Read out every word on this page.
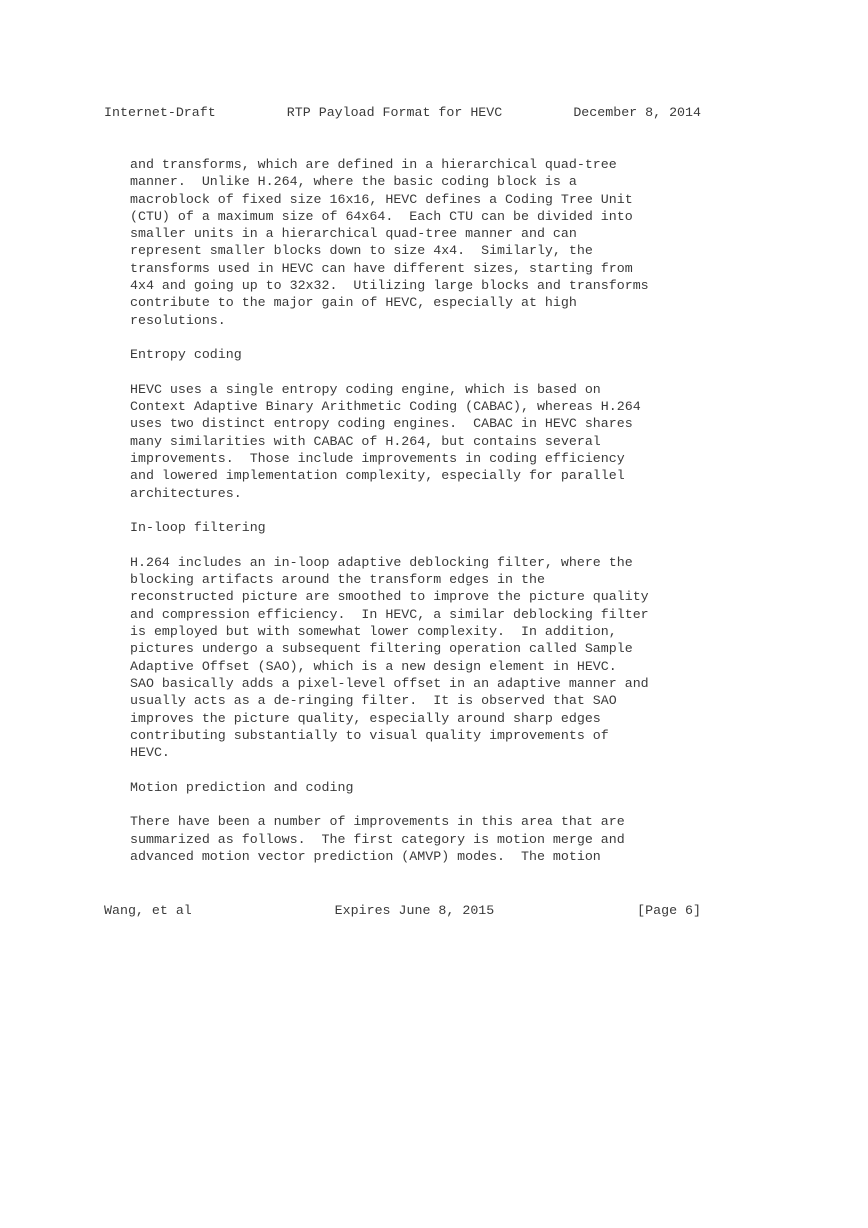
Internet-Draft	RTP Payload Format for HEVC	December 8, 2014
and transforms, which are defined in a hierarchical quad-tree
manner.  Unlike H.264, where the basic coding block is a
macroblock of fixed size 16x16, HEVC defines a Coding Tree Unit
(CTU) of a maximum size of 64x64.  Each CTU can be divided into
smaller units in a hierarchical quad-tree manner and can
represent smaller blocks down to size 4x4.  Similarly, the
transforms used in HEVC can have different sizes, starting from
4x4 and going up to 32x32.  Utilizing large blocks and transforms
contribute to the major gain of HEVC, especially at high
resolutions.
Entropy coding
HEVC uses a single entropy coding engine, which is based on
Context Adaptive Binary Arithmetic Coding (CABAC), whereas H.264
uses two distinct entropy coding engines.  CABAC in HEVC shares
many similarities with CABAC of H.264, but contains several
improvements.  Those include improvements in coding efficiency
and lowered implementation complexity, especially for parallel
architectures.
In-loop filtering
H.264 includes an in-loop adaptive deblocking filter, where the
blocking artifacts around the transform edges in the
reconstructed picture are smoothed to improve the picture quality
and compression efficiency.  In HEVC, a similar deblocking filter
is employed but with somewhat lower complexity.  In addition,
pictures undergo a subsequent filtering operation called Sample
Adaptive Offset (SAO), which is a new design element in HEVC.
SAO basically adds a pixel-level offset in an adaptive manner and
usually acts as a de-ringing filter.  It is observed that SAO
improves the picture quality, especially around sharp edges
contributing substantially to visual quality improvements of
HEVC.
Motion prediction and coding
There have been a number of improvements in this area that are
summarized as follows.  The first category is motion merge and
advanced motion vector prediction (AMVP) modes.  The motion
Wang, et al	Expires June 8, 2015	[Page 6]
